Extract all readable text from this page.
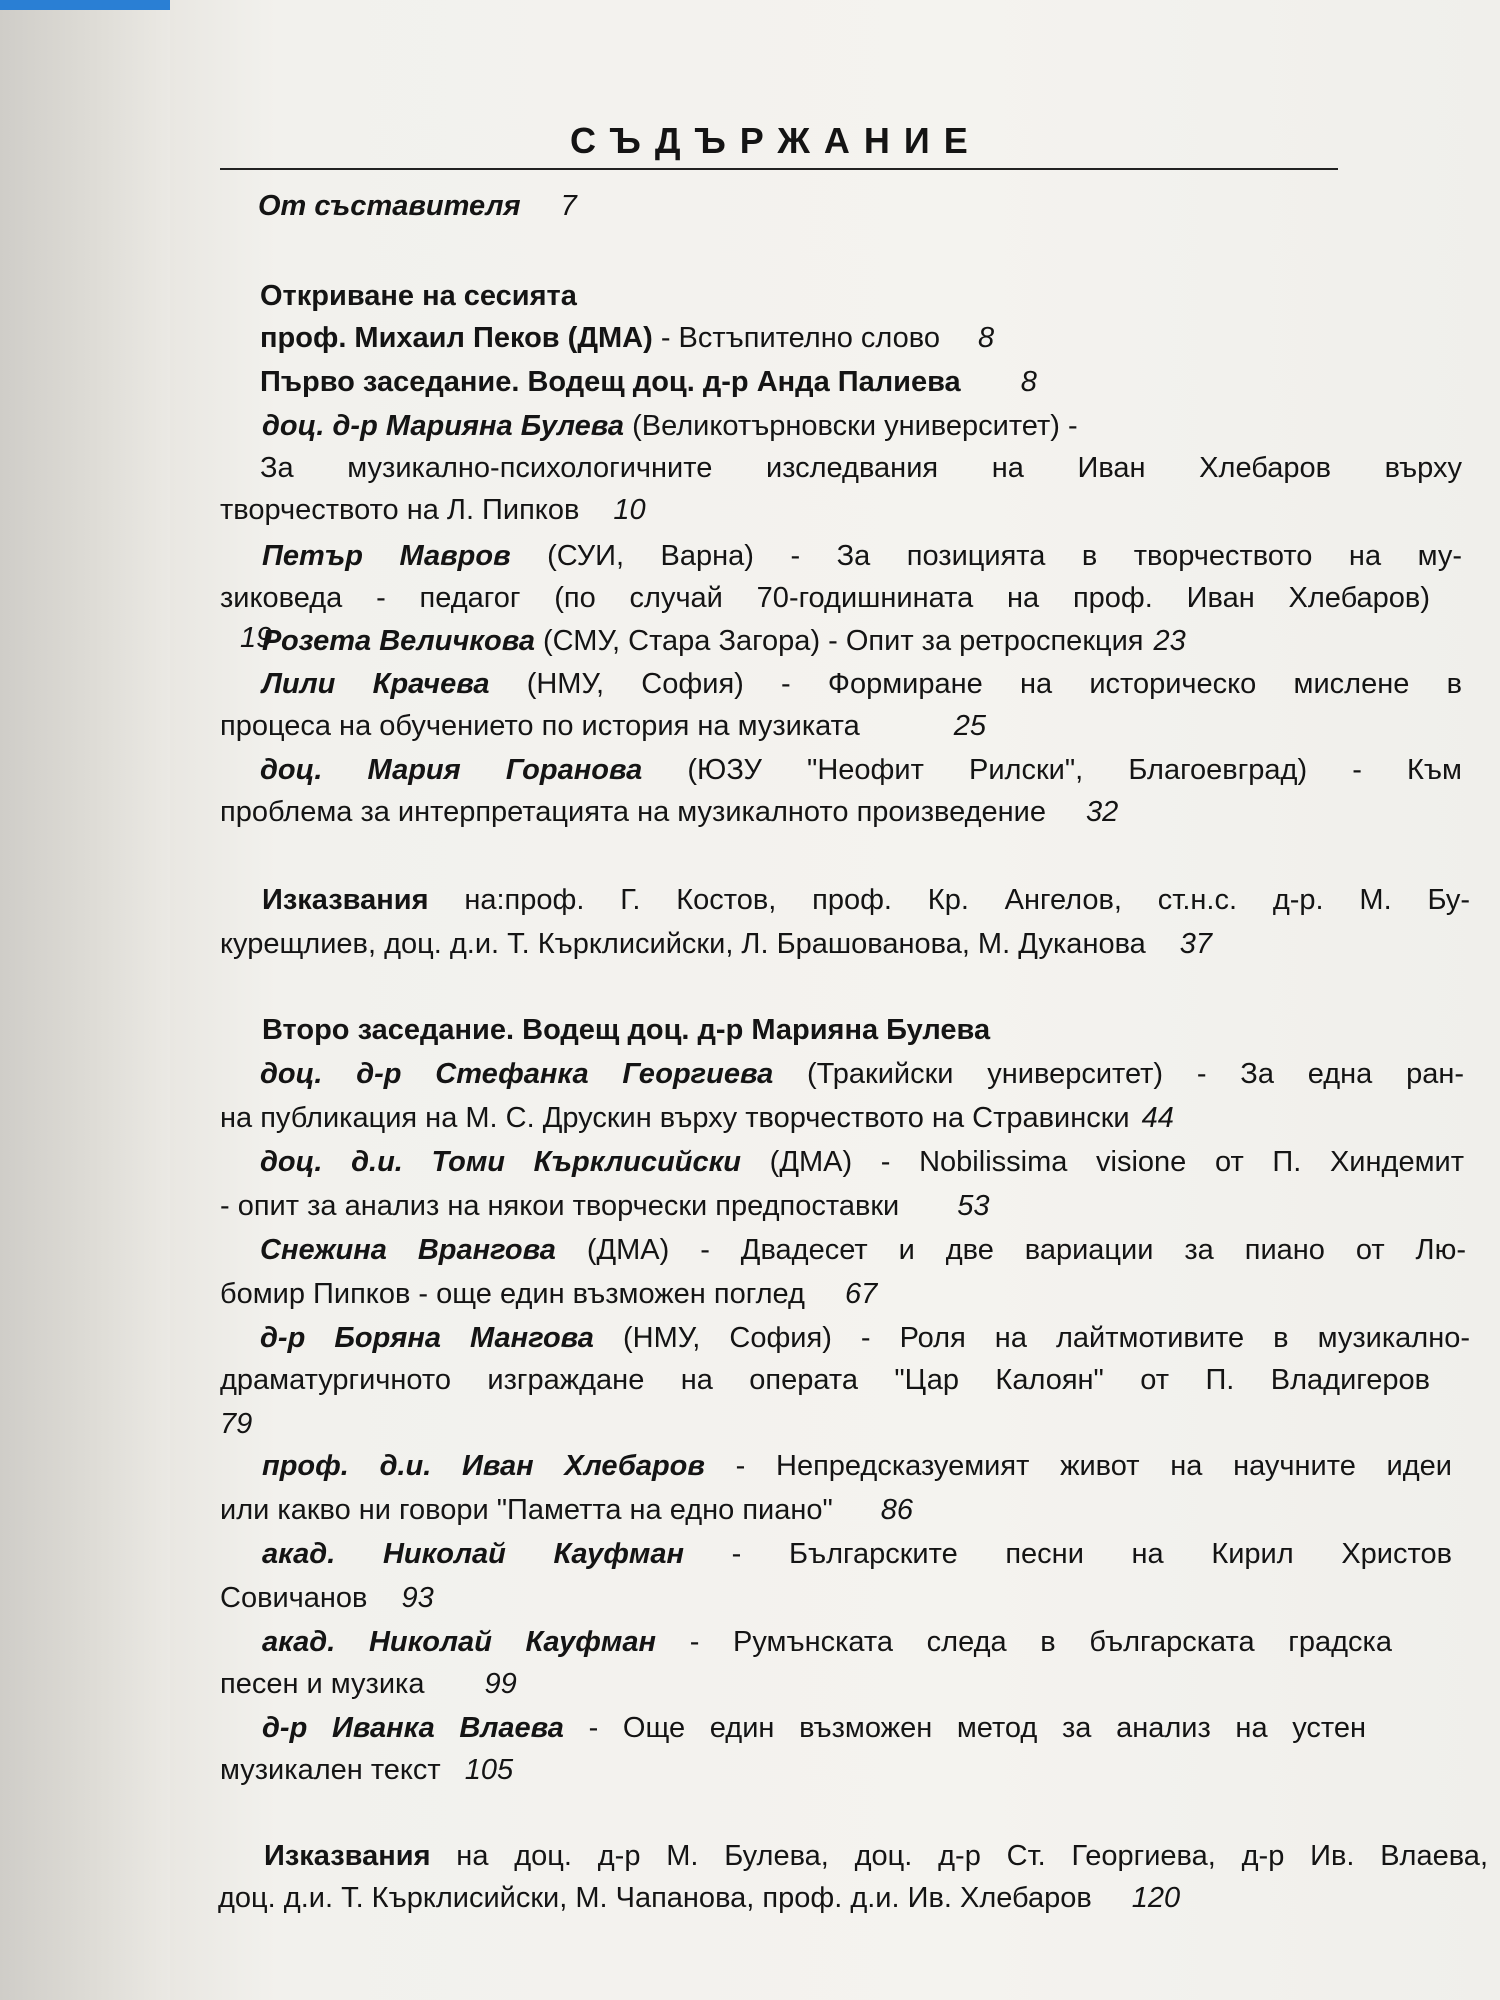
СЪДЪРЖАНИЕ
От съставителя 7
Откриване на сесията
проф. Михаил Пеков (ДМА) - Встъпително слово 8
Първо заседание. Водещ доц. д-р Анда Палиева 8
доц. д-р Марияна Булева (Великотърновски университет) -
За музикално-психологичните изследвания на Иван Хлебаров върху
творчеството на Л. Пипков 10
Петър Мавров (СУИ, Варна) - За позицията в творчеството на му-
зиковеда - педагог (по случай 70-годишнината на проф. Иван Хлебаров)
19
Розета Величкова (СМУ, Стара Загора) - Опит за ретроспекция 23
Лили Крачева (НМУ, София) - Формиране на историческо мислене в
процеса на обучението по история на музиката	25
доц. Мария Горанова (ЮЗУ "Неофит Рилски", Благоевград) - Към
проблема за интерпретацията на музикалното произведение 32
Изказвания на:проф. Г. Костов, проф. Кр. Ангелов, ст.н.с. д-р. М. Бу-
курещлиев, доц. д.и. Т. Кърклисийски, Л. Брашованова, М. Дуканова 37
Второ заседание. Водещ доц. д-р Марияна Булева
доц. д-р Стефанка Георгиева (Тракийски университет) - За една ран-
на публикация на М. С. Друскин върху творчеството на Стравински 44
доц. д.и. Томи Кърклисийски (ДМА) - Nobilissima visione от П. Хиндемит
- опит за анализ на някои творчески предпоставки 53
Снежина Врангова (ДМА) - Двадесет и две вариации за пиано от Лю-
бомир Пипков - още един възможен поглед 67
д-р Боряна Мангова (НМУ, София) - Роля на лайтмотивите в музикално-
драматургичното изграждане на операта "Цар Калоян" от П. Владигеров
79
проф. д.и. Иван Хлебаров - Непредсказуемият живот на научните идеи
или какво ни говори "Паметта на едно пиано" 86
акад. Николай Кауфман - Българските песни на Кирил Христов
Совичанов 93
акад. Николай Кауфман - Румънската следа в българската градска
песен и музика 99
д-р Иванка Влаева - Още един възможен метод за анализ на устен
музикален текст 105
Изказвания на доц. д-р М. Булева, доц. д-р Ст. Георгиева, д-р Ив. Влаева,
доц. д.и. Т. Кърклисийски, М. Чапанова, проф. д.и. Ив. Хлебаров 120
